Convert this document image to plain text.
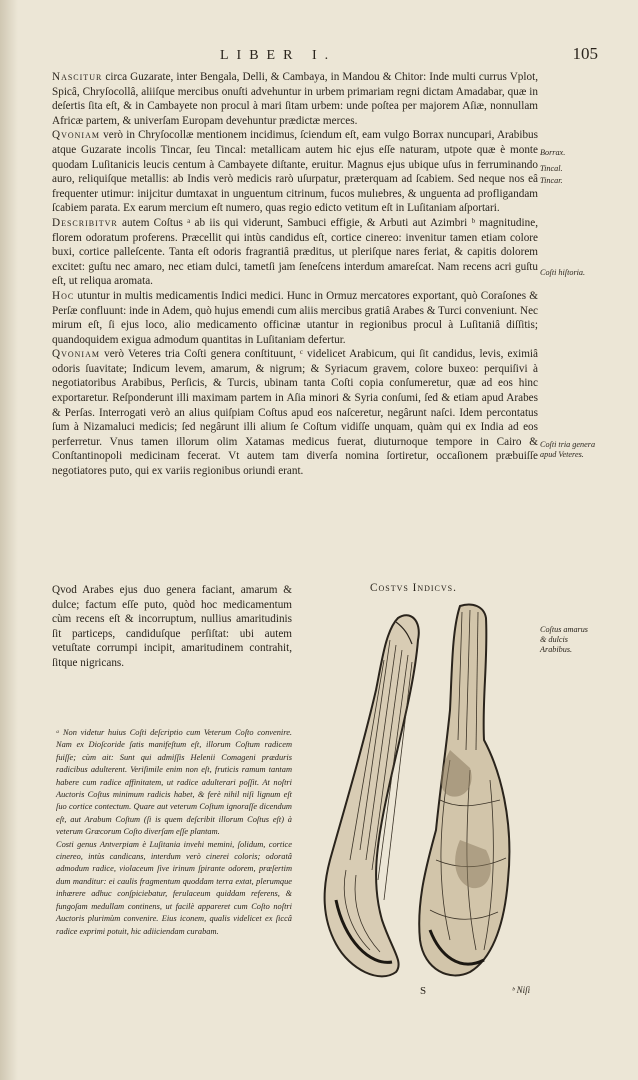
LIBER I.	105

Nascitur circa Guzarate, inter Bengala, Delli, & Cambaya, in Mandou & Chitor: Inde multi currus Vplot, Spicâ, Chryſocollâ, aliiſque mercibus onuſti advehuntur in urbem primariam regni dictam Amadabar, quæ in deſertis ſita eſt, & in Cambayete non procul à mari ſitam urbem: unde poſtea per majorem Aſiæ, nonnullam Africæ partem, & univerſam Europam devehuntur prædictæ merces.

Qvoniam verò in Chryſocollæ mentionem incidimus, ſciendum eſt, eam vulgo Borrax nuncupari, Arabibus atque Guzarate incolis Tincar, ſeu Tincal: metallicam autem hic ejus eſſe naturam, utpote quæ è monte quodam Luſitanicis leucis centum à Cambayete diſtante, eruitur. Magnus ejus ubique uſus in ferruminando auro, reliquiſque metallis: ab Indis verò medicis rarò uſurpatur, præterquam ad ſcabiem. Sed neque nos eâ frequenter utimur: inijcitur dumtaxat in unguentum citrinum, fucos mulıebres, & unguenta ad profligandam ſcabiem parata. Ex earum mercium eſt numero, quas regio edicto vetitum eſt in Luſitaniam aſportari.

Describitvr autem Coſtus ᵃ ab iis qui viderunt, Sambuci effigie, & Arbuti aut Azimbri ᵇ magnitudine, florem odoratum proferens. Præcellit qui intùs candidus eſt, cortice cinereo: invenitur tamen etiam colore buxi, cortice palleſcente. Tanta eſt odoris fragrantiâ præditus, ut pleriſque nares feriat, & capitis dolorem excitet: guſtu nec amaro, nec etiam dulci, tametſi jam ſeneſcens interdum amareſcat. Nam recens acri guſtu eſt, ut reliqua aromata.

Hoc utuntur in multis medicamentis Indici medici. Hunc in Ormuz mercatores exportant, quò Coraſones & Perſæ confluunt: inde in Adem, quò hujus emendi cum aliis mercibus gratiâ Arabes & Turci conveniunt. Nec mirum eſt, ſi ejus loco, alio medicamento officinæ utantur in regionibus procul à Luſitaniâ diſſitis; quandoquidem exigua admodum quantitas in Luſitaniam defertur.

Qvoniam verò Veteres tria Coſti genera conſtituunt, ᶜ videlicet Arabicum, qui ſit candidus, levis, eximiâ odoris ſuavitate; Indicum levem, amarum, & nigrum; & Syriacum gravem, colore buxeo: perquiſivi à negotiatoribus Arabibus, Perſicis, & Turcis, ubinam tanta Coſti copia conſumeretur, quæ ad eos hinc exportaretur. Reſponderunt illi maximam partem in Aſia minori & Syria conſumi, ſed & etiam apud Arabes & Perſas. Interrogati verò an alius quiſpiam Coſtus apud eos naſceretur, negârunt naſci. Idem percontatus ſum à Nizamaluci medicis; ſed negârunt illi alium ſe Coſtum vidiſſe unquam, quàm qui ex India ad eos perferretur. Vnus tamen illorum olim Xatamas medicus fuerat, diuturnoque tempore in Cairo & Conſtantinopoli medicinam fecerat. Vt autem tam diverſa nomina ſortiretur, occaſionem præbuiſſe negotiatores puto, qui ex variis regionibus oriundi erant.

Borrax.
Tincal.
Tincar.
Coſti hiſtoria.
Coſti tria genera apud Veteres.
Coſtus amarus & dulcis Arabibus.
Costvs Indicvs.

Qvod Arabes ejus duo genera faciant, amarum & dulce; factum eſſe puto, quòd hoc medicamentum cùm recens eſt & incorruptum, nullius amaritudinis ſit particeps, candiduſque perſiſtat: ubi autem vetuſtate corrumpi incipit, amaritudinem contrahit, ſitque nigricans.

ᵃ Non videtur huius Coſti deſcriptio cum Veterum Coſto convenire. Nam ex Dioſcoride ſatis manifeſtum eſt, illorum Coſtum radicem fuiſſe; cùm ait: Sunt qui admiſſis Helenii Comageni præduris radicibus adulterent. Veriſimile enim non eſt, fruticis ramum tantam habere cum radice affinitatem, ut radice adulterari poſſit. At noſtri Auctoris Coſtus minimum radicis habet, & ferè nihil niſi lignum eſt ſuo cortice contectum. Quare aut veterum Coſtum ignoraſſe dicendum eſt, aut Arabum Coſtum (ſi is quem deſcribit illorum Coſtus eſt) à veterum Græcorum Coſto diverſam eſſe plantam.

Costi genus Antverpiam è Luſitania invehi memini, ſolidum, cortice cinereo, intùs candicans, interdum verò cinerei coloris; odoratâ admodum radice, violaceum ſive irinum ſpirante odorem, præſertim dum manditur: ei caulis fragmentum quoddam terra extat, plerumque inhærere adhuc conſpiciebatur, ferulaceum quiddam referens, & fungoſam medullam continens, ut facilè appareret cum Coſto noſtri Auctoris plurimùm convenire. Eius iconem, qualis videlicet ex ſiccâ radice exprimi potuit, hic adiiciendam curabam.

S	ᵇ Niſi
